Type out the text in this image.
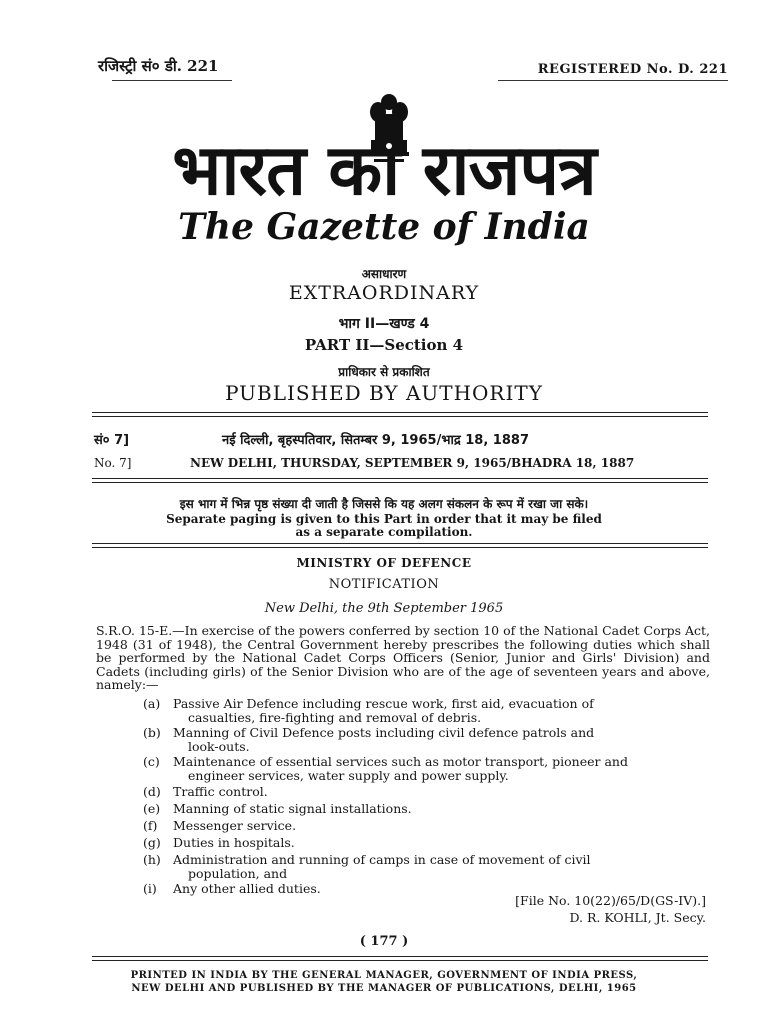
रजिस्ट्री सं० डी. 221	REGISTERED No. D. 221
भारत का राजपत्र
The Gazette of India
असाधारण
EXTRAORDINARY
भाग II—खण्ड 4
PART II—Section 4
प्राधिकार से प्रकाशित
PUBLISHED BY AUTHORITY
सं० 7]	नई दिल्ली, बृहस्पतिवार, सितम्बर 9, 1965/भाद्र 18, 1887
No. 7]	NEW DELHI, THURSDAY, SEPTEMBER 9, 1965/BHADRA 18, 1887
इस भाग में भिन्न पृष्ठ संख्या दी जाती है जिससे कि यह अलग संकलन के रूप में रखा जा सके।
Separate paging is given to this Part in order that it may be filed
as a separate compilation.
MINISTRY OF DEFENCE
NOTIFICATION
New Delhi, the 9th September 1965
S.R.O. 15-E.—In exercise of the powers conferred by section 10 of the National Cadet Corps Act, 1948 (31 of 1948), the Central Government hereby prescribes the following duties which shall be performed by the National Cadet Corps Officers (Senior, Junior and Girls' Division) and Cadets (including girls) of the Senior Division who are of the age of seventeen years and above, namely:—
(a)	Passive Air Defence including rescue work, first aid, evacuation of
casualties, fire-fighting and removal of debris.
(b) Manning of Civil Defence posts including civil defence patrols and
look-outs.
(c)	Maintenance of essential services such as motor transport, pioneer and
engineer services, water supply and power supply.
(d) Traffic control.
(e)	Manning of static signal installations.
(f)	Messenger service.
(g) Duties in hospitals.
(h) Administration and running of camps in case of movement of civil
population, and
(i)	Any other allied duties.
[File No. 10(22)/65/D(GS-IV).]
D. R. KOHLI, Jt. Secy.
( 177 )
PRINTED IN INDIA BY THE GENERAL MANAGER, GOVERNMENT OF INDIA PRESS,
NEW DELHI AND PUBLISHED BY THE MANAGER OF PUBLICATIONS, DELHI, 1965
